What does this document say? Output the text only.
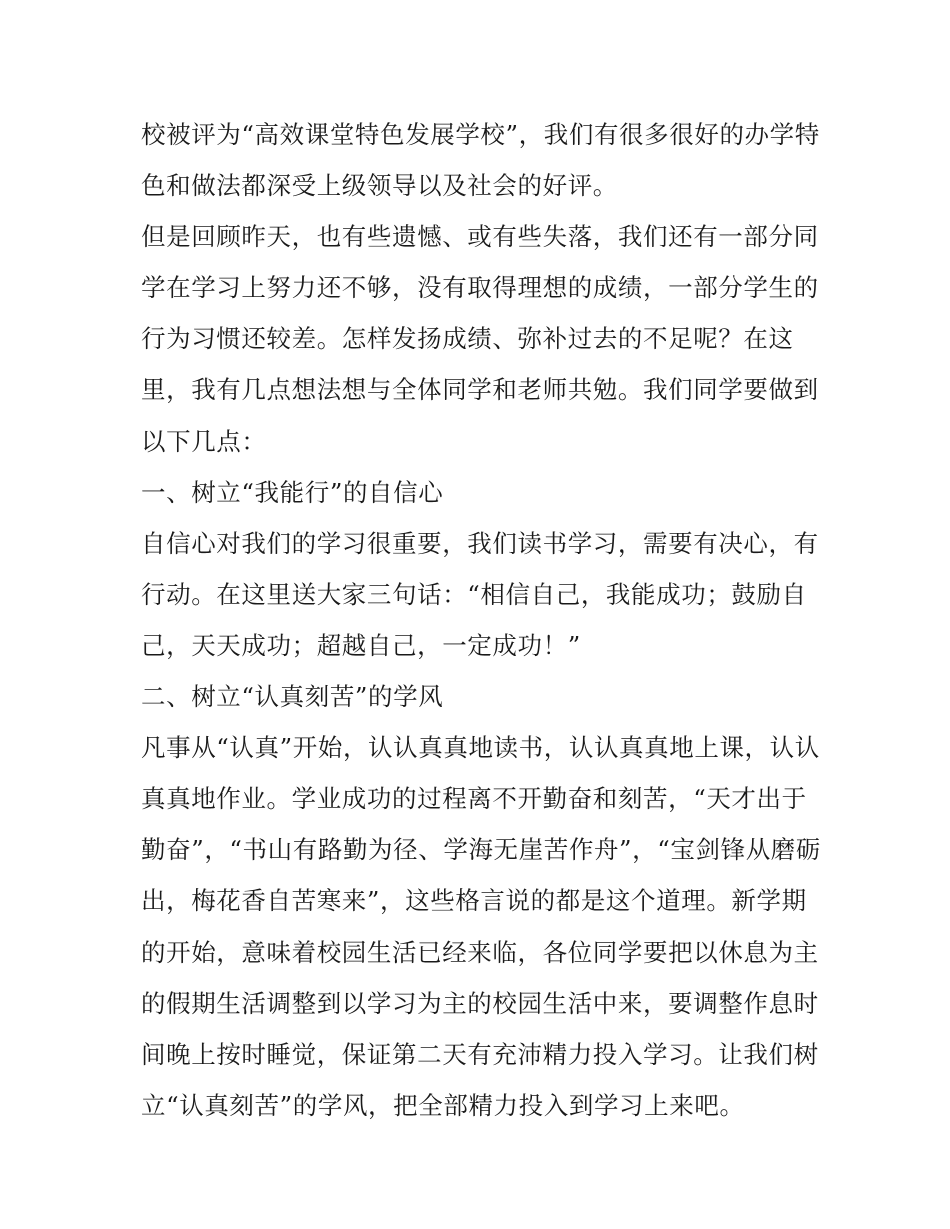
校被评为“高效课堂特色发展学校”，我们有很多很好的办学特
色和做法都深受上级领导以及社会的好评。
但是回顾昨天，也有些遗憾、或有些失落，我们还有一部分同
学在学习上努力还不够，没有取得理想的成绩，一部分学生的
行为习惯还较差。怎样发扬成绩、弥补过去的不足呢？在这
里，我有几点想法想与全体同学和老师共勉。我们同学要做到
以下几点：
一、树立“我能行”的自信心
自信心对我们的学习很重要，我们读书学习，需要有决心，有
行动。在这里送大家三句话：“相信自己，我能成功；鼓励自
己，天天成功；超越自己，一定成功！”
二、树立“认真刻苦”的学风
凡事从“认真”开始，认认真真地读书，认认真真地上课，认认
真真地作业。学业成功的过程离不开勤奋和刻苦，“天才出于
勤奋”，“书山有路勤为径、学海无崖苦作舟”，“宝剑锋从磨砺
出，梅花香自苦寒来”，这些格言说的都是这个道理。新学期
的开始，意味着校园生活已经来临，各位同学要把以休息为主
的假期生活调整到以学习为主的校园生活中来，要调整作息时
间晚上按时睡觉，保证第二天有充沛精力投入学习。让我们树
立“认真刻苦”的学风，把全部精力投入到学习上来吧。
